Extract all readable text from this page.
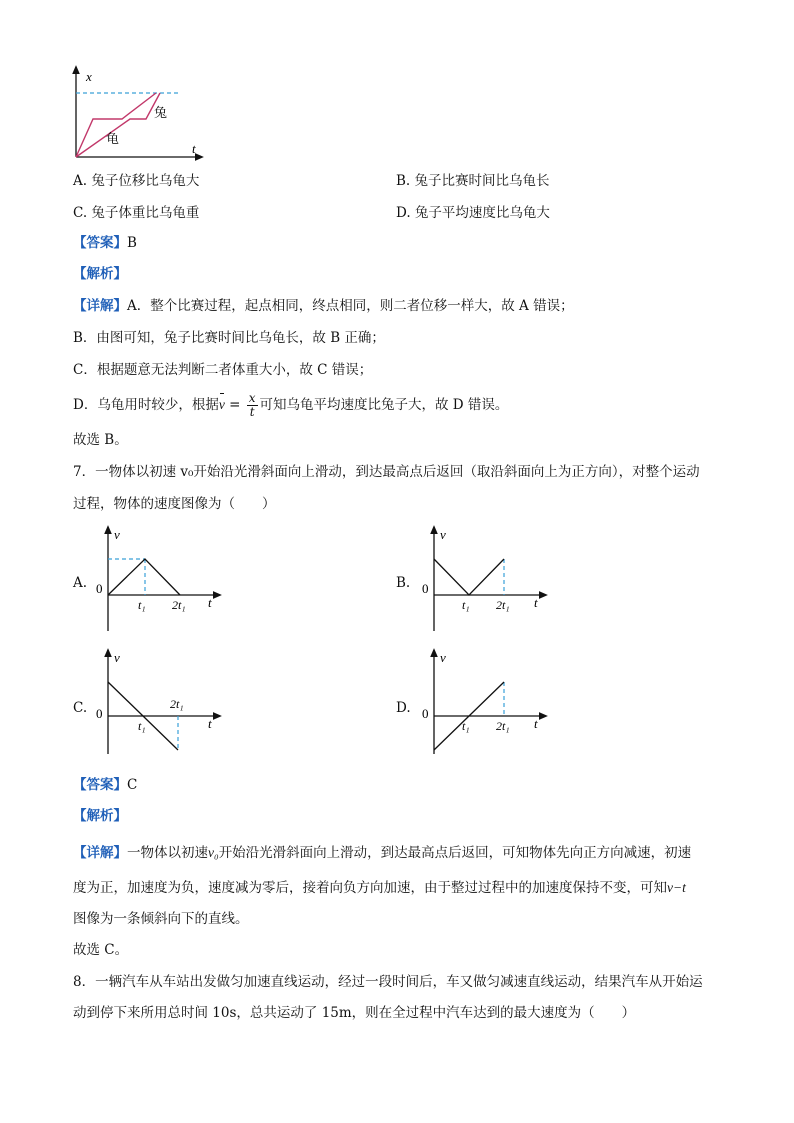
x
t
兔
龟
A. 兔子位移比乌龟大	B. 兔子比赛时间比乌龟长
C. 兔子体重比乌龟重	D. 兔子平均速度比乌龟大
【答案】B
【解析】
【详解】A．整个比赛过程，起点相同，终点相同，则二者位移一样大，故 A 错误；
B．由图可知，兔子比赛时间比乌龟长，故 B 正确；
C．根据题意无法判断二者体重大小，故 C 错误；
D．乌龟用时较少，根据$v = \frac{x}{t}$ 可知乌龟平均速度比兔子大，故 D 错误。
故选 B。
7．一物体以初速 v₀开始沿光滑斜面向上滑动，到达最高点后返回（取沿斜面向上为正方向），对整个运动
过程，物体的速度图像为（　　）
A.
v
0
t₁ 2t₁ t
B.
v
0
t₁ 2t₁ t
C.
v
0
t₁
2t₁
t
D.
v
0
t₁ 2t₁ t
【答案】C
【解析】
【详解】一物体以初速v₀开始沿光滑斜面向上滑动，到达最高点后返回，可知物体先向正方向减速，初速
度为正，加速度为负，速度减为零后，接着向负方向加速，由于整过过程中的加速度保持不变，可知v−t
图像为一条倾斜向下的直线。
故选 C。
8．一辆汽车从车站出发做匀加速直线运动，经过一段时间后，车又做匀减速直线运动，结果汽车从开始运
动到停下来所用总时间 10s，总共运动了 15m，则在全过程中汽车达到的最大速度为（　　）
